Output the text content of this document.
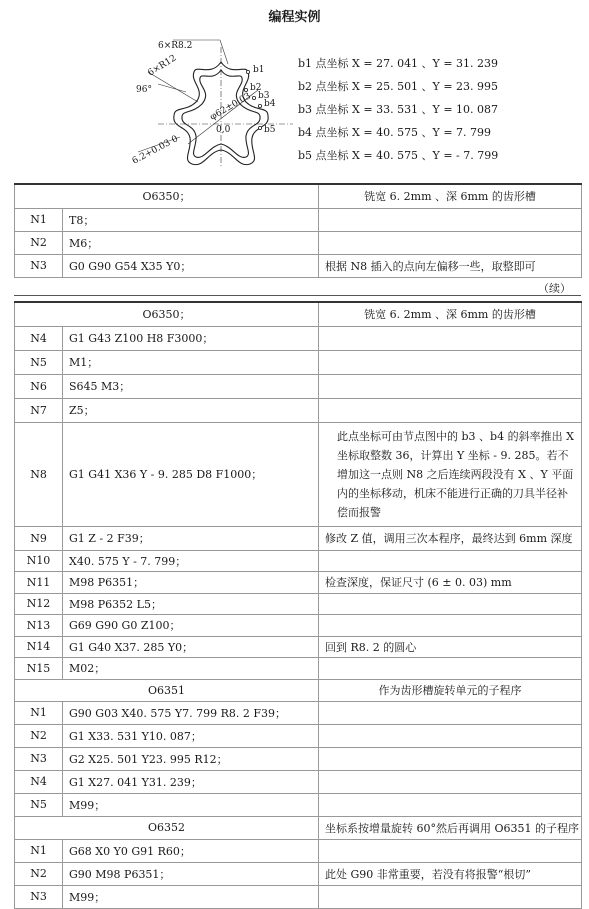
编程实例
6×R8.2
6×R12
96°
φ62±0.03
0,0
6.2+0.03 0
b1
b2
b3
b4
b5
b1 点坐标 X = 27. 041 、Y = 31. 239
b2 点坐标 X = 25. 501 、Y = 23. 995
b3 点坐标 X = 33. 531 、Y = 10. 087
b4 点坐标 X = 40. 575 、Y = 7. 799
b5 点坐标 X = 40. 575 、Y = - 7. 799
O6350；		铣宽 6. 2mm 、深 6mm 的齿形槽
N1	T8；	
N2	M6；	
N3	G0 G90 G54 X35 Y0；	根据 N8 插入的点向左偏移一些，取整即可
（续）
O6350；		铣宽 6. 2mm 、深 6mm 的齿形槽
N4	G1 G43 Z100 H8 F3000；	
N5	M1；	
N6	S645 M3；	
N7	Z5；	
N8	G1 G41 X36 Y - 9. 285 D8 F1000；	此点坐标可由节点图中的 b3 、b4 的斜率推出 X 坐标取整数 36，计算出 Y 坐标 - 9. 285。若不增加这一点则 N8 之后连续两段没有 X 、Y 平面内的坐标移动，机床不能进行正确的刀具半径补偿而报警
N9	G1 Z - 2 F39；	修改 Z 值，调用三次本程序，最终达到 6mm 深度
N10	X40. 575 Y - 7. 799；	
N11	M98 P6351；	检查深度，保证尺寸 (6 ± 0. 03) mm
N12	M98 P6352 L5；	
N13	G69 G90 G0 Z100；	
N14	G1 G40 X37. 285 Y0；	回到 R8. 2 的圆心
N15	M02；	
O6351		作为齿形槽旋转单元的子程序
N1	G90 G03 X40. 575 Y7. 799 R8. 2 F39；	
N2	G1 X33. 531 Y10. 087；	
N3	G2 X25. 501 Y23. 995 R12；	
N4	G1 X27. 041 Y31. 239；	
N5	M99；	
O6352		坐标系按增量旋转 60°然后再调用 O6351 的子程序
N1	G68 X0 Y0 G91 R60；	
N2	G90 M98 P6351；	此处 G90 非常重要，若没有将报警“根切”
N3	M99；	
